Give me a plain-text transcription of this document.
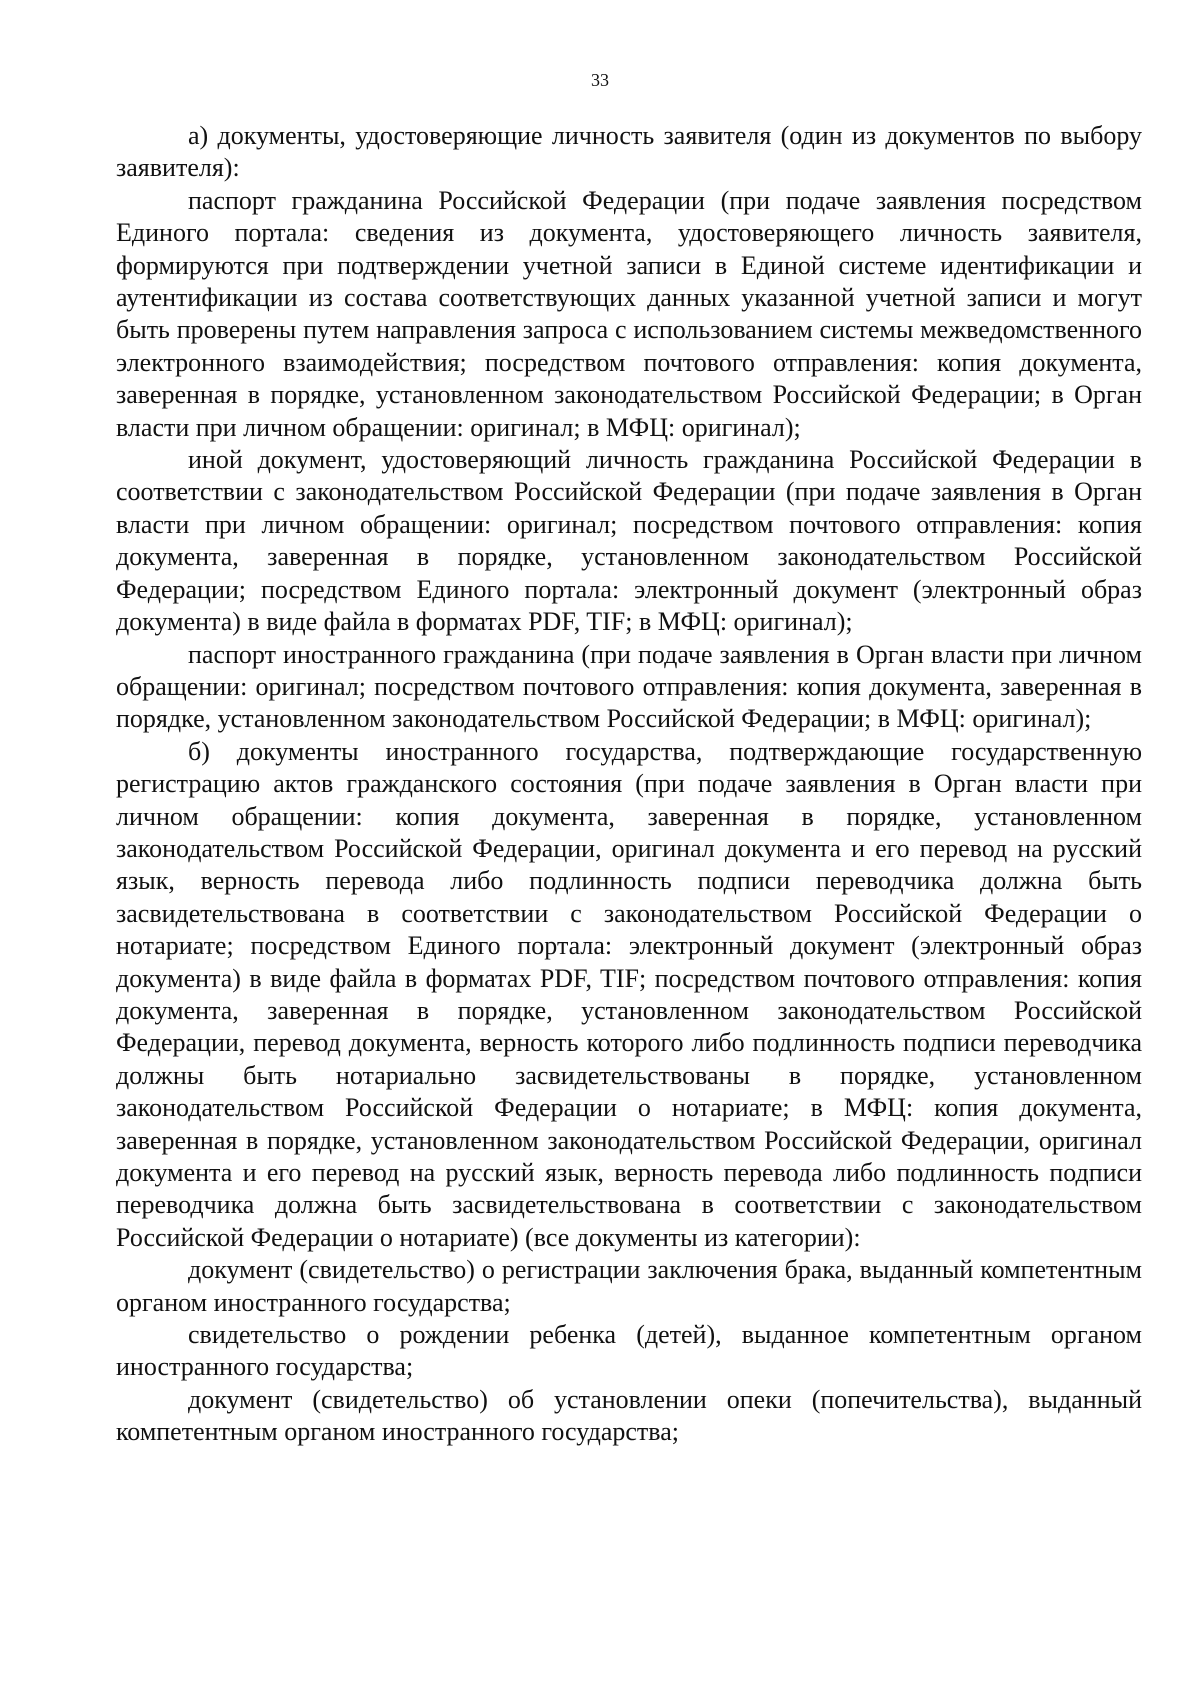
33

а) документы, удостоверяющие личность заявителя (один из документов по выбору заявителя):

паспорт гражданина Российской Федерации (при подаче заявления посредством Единого портала: сведения из документа, удостоверяющего личность заявителя, формируются при подтверждении учетной записи в Единой системе идентификации и аутентификации из состава соответствующих данных указанной учетной записи и могут быть проверены путем направления запроса с использованием системы межведомственного электронного взаимодействия; посредством почтового отправления: копия документа, заверенная в порядке, установленном законодательством Российской Федерации; в Орган власти при личном обращении: оригинал; в МФЦ: оригинал);

иной документ, удостоверяющий личность гражданина Российской Федерации в соответствии с законодательством Российской Федерации (при подаче заявления в Орган власти при личном обращении: оригинал; посредством почтового отправления: копия документа, заверенная в порядке, установленном законодательством Российской Федерации; посредством Единого портала: электронный документ (электронный образ документа) в виде файла в форматах PDF, TIF; в МФЦ: оригинал);

паспорт иностранного гражданина (при подаче заявления в Орган власти при личном обращении: оригинал; посредством почтового отправления: копия документа, заверенная в порядке, установленном законодательством Российской Федерации; в МФЦ: оригинал);

б) документы иностранного государства, подтверждающие государственную регистрацию актов гражданского состояния (при подаче заявления в Орган власти при личном обращении: копия документа, заверенная в порядке, установленном законодательством Российской Федерации, оригинал документа и его перевод на русский язык, верность перевода либо подлинность подписи переводчика должна быть засвидетельствована в соответствии с законодательством Российской Федерации о нотариате; посредством Единого портала: электронный документ (электронный образ документа) в виде файла в форматах PDF, TIF; посредством почтового отправления: копия документа, заверенная в порядке, установленном законодательством Российской Федерации, перевод документа, верность которого либо подлинность подписи переводчика должны быть нотариально засвидетельствованы в порядке, установленном законодательством Российской Федерации о нотариате; в МФЦ: копия документа, заверенная в порядке, установленном законодательством Российской Федерации, оригинал документа и его перевод на русский язык, верность перевода либо подлинность подписи переводчика должна быть засвидетельствована в соответствии с законодательством Российской Федерации о нотариате) (все документы из категории):

документ (свидетельство) о регистрации заключения брака, выданный компетентным органом иностранного государства;

свидетельство о рождении ребенка (детей), выданное компетентным органом иностранного государства;

документ (свидетельство) об установлении опеки (попечительства), выданный компетентным органом иностранного государства;
